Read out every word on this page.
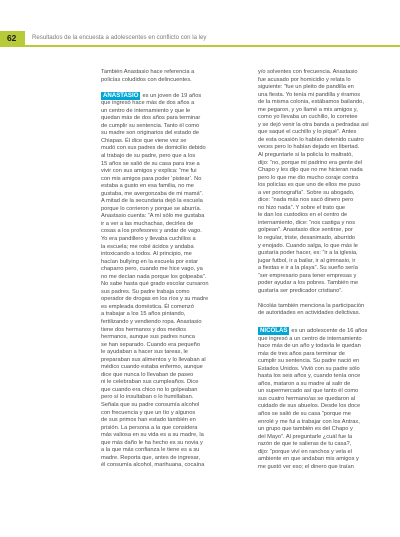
62	Resultados de la encuesta a adolescentes en conflicto con la ley

También Anastasio hace referencia a
policías coludidos con delincuentes.

ANASTASIO es un joven de 19 años
que ingresó hace más de dos años a
un centro de internamiento y que le
quedan más de dos años para terminar
de cumplir su sentencia. Tanto él como
su madre son originarios del estado de
Chiapas. Él dice que viene vez se
mudó con sus padres de domicilio debido
al trabajo de su padre, pero que a los
15 años se salió de su casa para irse a
vivir con sus amigos y explica: “me fui
con mis amigos para poder ‘pistear’. No
estaba a gusto en esa familia, no me
gustaba, me avergonzaba de mi mamá”.
A mitad de la secundaria dejó la escuela
porque lo corrieron y porque se aburría.
Anastasio cuenta: “A mí sólo me gustaba
ir a ver a las muchachas, decirles de
cosas a los profesores y andar de vago.
Yo era pandillero y llevaba cuchillos a
la escuela; me robé ácidos y andaba
intoxicando a todos. Al principio, me
hacían bullying en la escuela por estar
chaparro pero, cuando me hice vago, ya
no me decían nada porque los golpeaba”.
No sabe hasta qué grado escolar cursaron
sus padres. Su padre trabaja como
operador de drogas en los ríos y su madre
es empleada doméstica. Él comenzó
a trabajar a los 15 años pintando,
fertilizando y vendiendo ropa. Anastasio
tiene dos hermanos y dos medios
hermanos, aunque sus padres nunca
se han separado. Cuando era pequeño
le ayudaban a hacer sus tareas, le
preparaban sus alimentos y lo llevaban al
médico cuando estaba enfermo, aunque
dice que nunca lo llevaban de paseo
ni le celebraban sus cumpleaños. Dice
que cuando era chico no lo golpeaban
pero sí lo insultaban o lo humillaban.
Señala que su padre consumía alcohol
con frecuencia y que un tío y algunos
de sus primos han estado también en
prisión. La persona a la que considera
más valiosa en su vida es a su madre, la
que más daño le ha hecho es su novia y
a la que más confianza le tiene es a su
madre. Reporta que, antes de ingresar,
él consumía alcohol, marihuana, cocaína

y/o solventes con frecuencia. Anastasio
fue acusado por homicidio y relata lo
siguiente: “fue un pleito de pandilla en
una fiesta. Yo tenía mi pandilla y éramos
de la misma colonia, estábamos bailando,
me pegaron, y yo llamé a mis amigos y,
como yo llevaba un cuchillo, lo corretee
y se dejó venir la otra banda a pedradas así
que saqué el cuchillo y lo piqué”. Antes
de esta ocasión lo habían detenido cuatro
veces pero lo habían dejado en libertad.
Al preguntarle si la policía lo maltrató,
dijo: “no, porque mi padrino era gente del
Chapo y les dijo que no me hicieran nada
pero lo que me dio mucho coraje contra
los policías es que uno de ellos me puso
a ver pornografía”. Sobre su abogado,
dice: “nada más nos sacó dinero pero
no hizo nada”. Y sobre el trato que
le dan los custodios en el centro de
internamiento, dice: “nos castiga y nos
golpean”. Anastasio dice sentirse, por
lo regular, triste, desanimado, aburrido
y enojado. Cuando salga, lo que más le
gustaría poder hacer, es: “ir a la iglesia,
jugar futbol, ir a bailar, ir al gimnasio, ir
a fiestas e ir a la playa”. Su sueño sería
“ser empresario para tener empresas y
poder ayudar a los pobres. También me
gustaría ser predicador cristiano”.

Nicolás también menciona la participación
de autoridades en actividades delictivas.

NICOLÁS es un adolescente de 16 años
que ingresó a un centro de internamiento
hace más de un año y todavía le quedan
más de tres años para terminar de
cumplir su sentencia. Su padre nació en
Estados Unidos. Vivió con su padre sólo
hasta los seis años y, cuando tenía once
años, mataron a su madre al salir de
un supermercado así que tanto él como
sus cuatro hermano/as se quedaron al
cuidado de sus abuelos. Desde los doce
años se salió de su casa “porque me
enrolé y me fui a trabajar con los Antrax,
un grupo que también es del Chapo y
del Mayo”. Al preguntarle ¿cuál fue la
razón de que te salieras de tu casa?,
dijo: “porque viví en ranchos y vela el
ambiente en que andaban mis amigos y
me gustó ver eso; el dinero que traían
